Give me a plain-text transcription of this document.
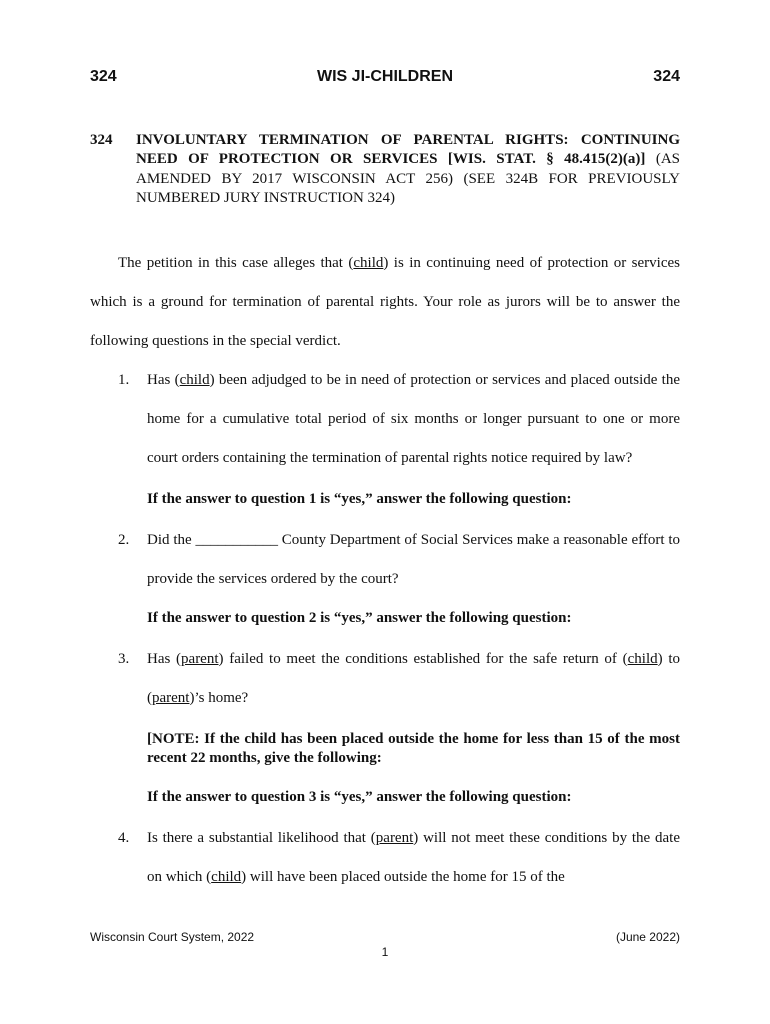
324	WIS JI-CHILDREN	324
324 INVOLUNTARY TERMINATION OF PARENTAL RIGHTS: CONTINUING NEED OF PROTECTION OR SERVICES [WIS. STAT. § 48.415(2)(a)] (AS AMENDED BY 2017 WISCONSIN ACT 256) (SEE 324B FOR PREVIOUSLY NUMBERED JURY INSTRUCTION 324)

The petition in this case alleges that (child) is in continuing need of protection or services which is a ground for termination of parental rights. Your role as jurors will be to answer the following questions in the special verdict.

1. Has (child) been adjudged to be in need of protection or services and placed outside the home for a cumulative total period of six months or longer pursuant to one or more court orders containing the termination of parental rights notice required by law?

If the answer to question 1 is “yes,” answer the following question:

2. Did the ___________ County Department of Social Services make a reasonable effort to provide the services ordered by the court?

If the answer to question 2 is “yes,” answer the following question:

3. Has (parent) failed to meet the conditions established for the safe return of (child) to (parent)’s home?

[NOTE: If the child has been placed outside the home for less than 15 of the most recent 22 months, give the following:

If the answer to question 3 is “yes,” answer the following question:

4. Is there a substantial likelihood that (parent) will not meet these conditions by the date on which (child) will have been placed outside the home for 15 of the

Wisconsin Court System, 2022	(June 2022)
1
